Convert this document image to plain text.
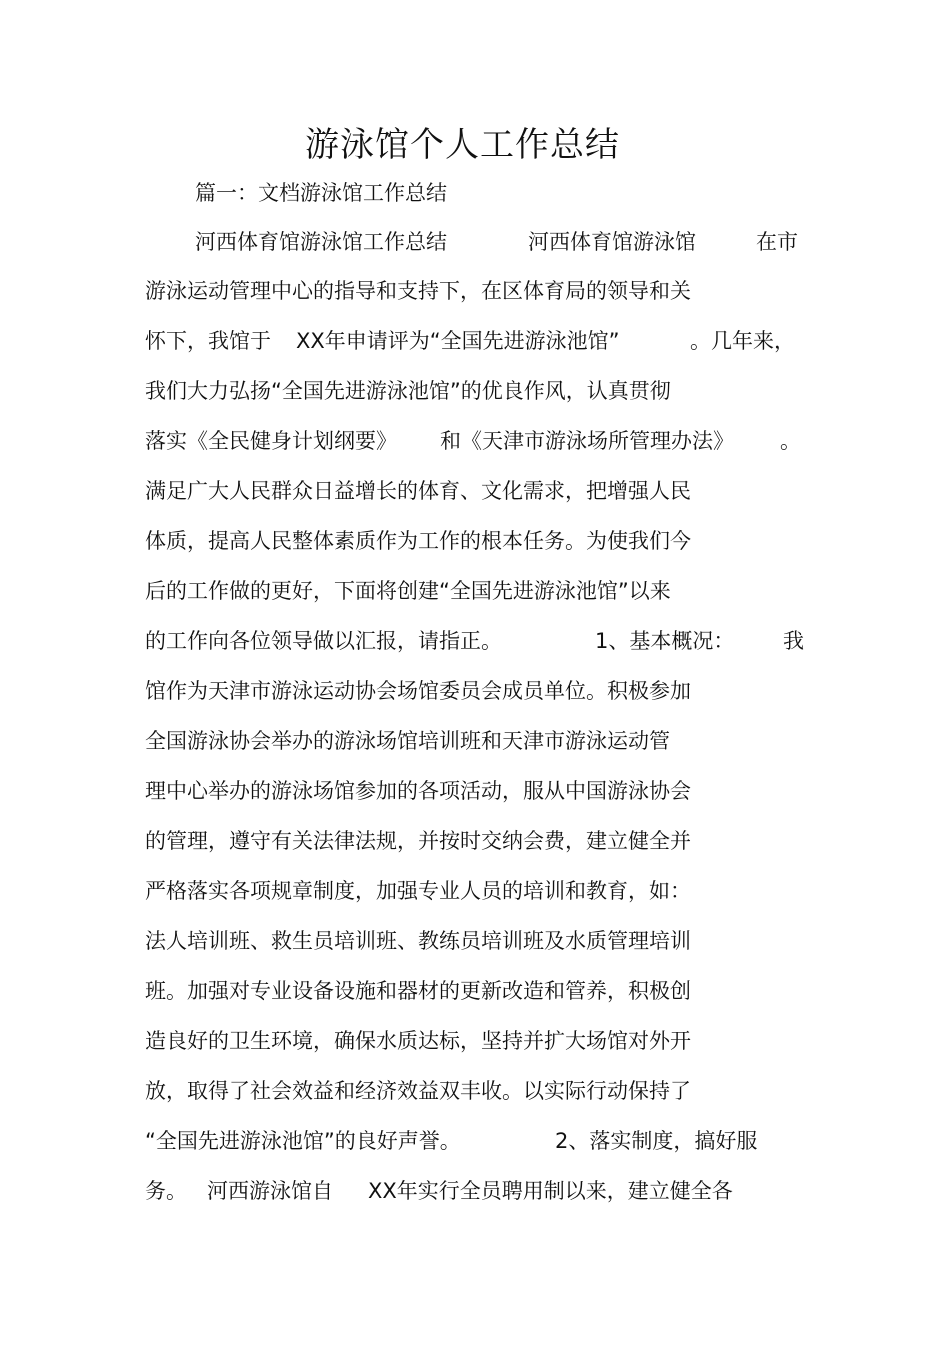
游泳馆个人工作总结
篇一：文档游泳馆工作总结
河西体育馆游泳馆工作总结	河西体育馆游泳馆	在市
游泳运动管理中心的指导和支持下，在区体育局的领导和关
怀下，我馆于 XX年申请评为“全国先进游泳池馆”	。几年来，
我们大力弘扬“全国先进游泳池馆”的优良作风，认真贯彻
落实《全民健身计划纲要》 和《天津市游泳场所管理办法》 。
满足广大人民群众日益增长的体育、文化需求，把增强人民
体质，提高人民整体素质作为工作的根本任务。为使我们今
后的工作做的更好，下面将创建“全国先进游泳池馆”以来
的工作向各位领导做以汇报，请指正。	1、基本概况： 我
馆作为天津市游泳运动协会场馆委员会成员单位。积极参加
全国游泳协会举办的游泳场馆培训班和天津市游泳运动管
理中心举办的游泳场馆参加的各项活动，服从中国游泳协会
的管理，遵守有关法律法规，并按时交纳会费，建立健全并
严格落实各项规章制度，加强专业人员的培训和教育，如：
法人培训班、救生员培训班、教练员培训班及水质管理培训
班。加强对专业设备设施和器材的更新改造和管养，积极创
造良好的卫生环境，确保水质达标，坚持并扩大场馆对外开
放，取得了社会效益和经济效益双丰收。以实际行动保持了
“全国先进游泳池馆”的良好声誉。	2、落实制度，搞好服
务。 河西游泳馆自 XX年实行全员聘用制以来，建立健全各
